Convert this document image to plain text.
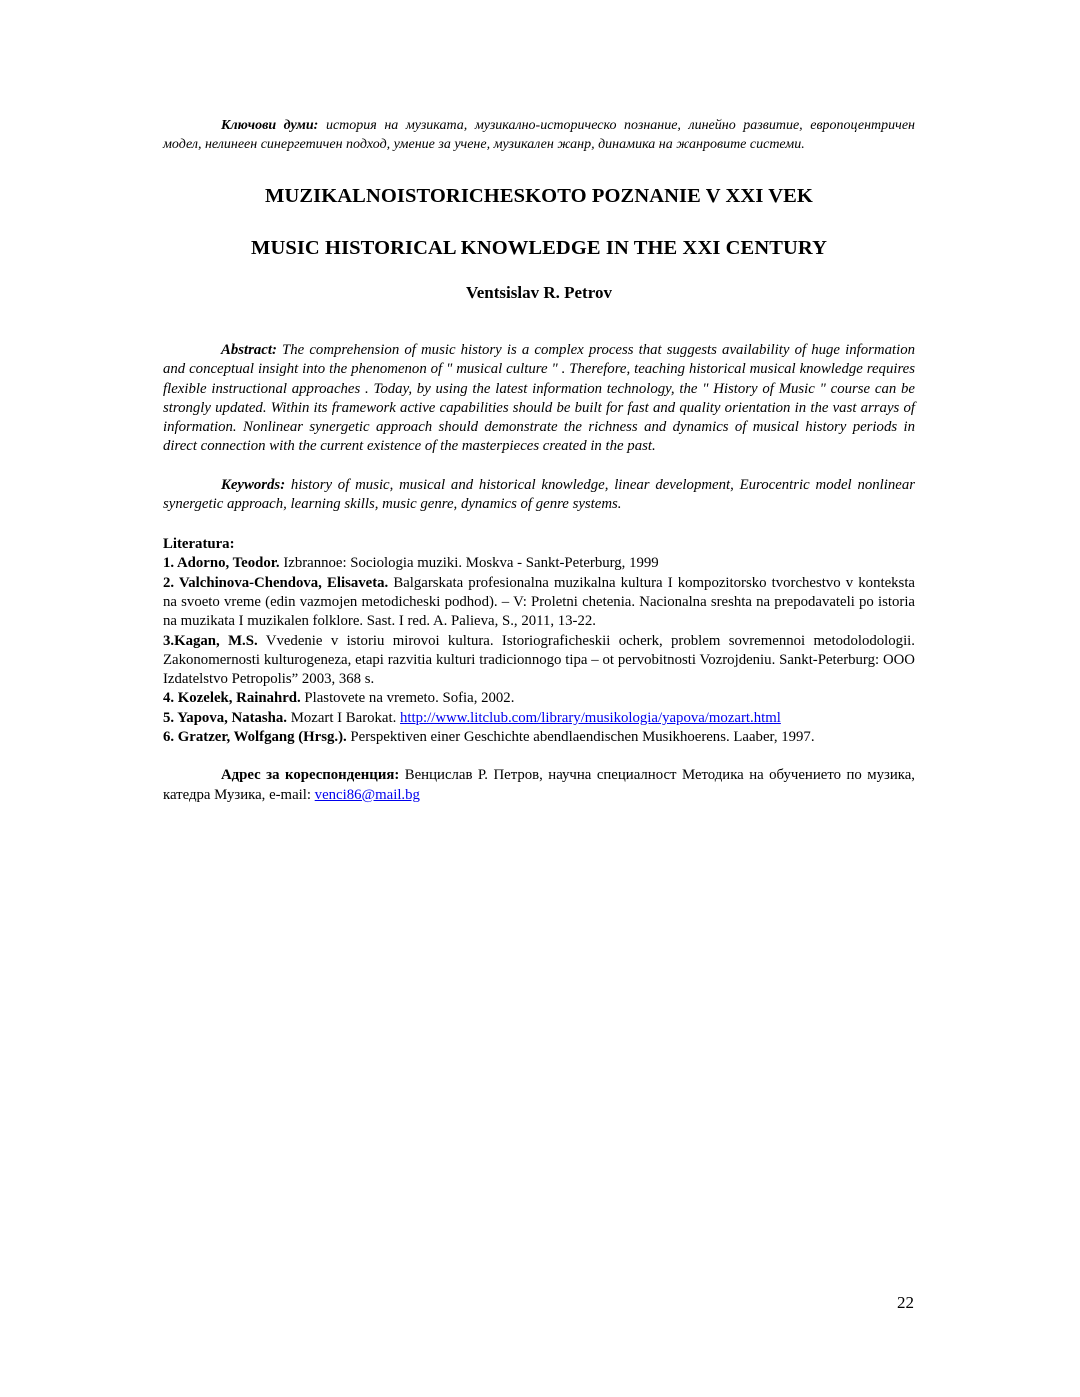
Ключови думи: история на музиката, музикално-историческо познание, линейно развитие, европоцентричен модел, нелинеен синергетичен подход, умение за учене, музикален жанр, динамика на жанровите системи.

MUZIKALNOISTORICHESKOTO POZNANIE V XXI VEK
MUSIC HISTORICAL KNOWLEDGE IN THE XXI CENTURY
Ventsislav R. Petrov

Abstract: The comprehension of music history is a complex process that suggests availability of huge information and conceptual insight into the phenomenon of " musical culture " . Therefore, teaching historical musical knowledge requires flexible instructional approaches . Today, by using the latest information technology, the " History of Music " course can be strongly updated. Within its framework active capabilities should be built for fast and quality orientation in the vast arrays of information. Nonlinear synergetic approach should demonstrate the richness and dynamics of musical history periods in direct connection with the current existence of the masterpieces created in the past.

Keywords: history of music, musical and historical knowledge, linear development, Eurocentric model nonlinear synergetic approach, learning skills, music genre, dynamics of genre systems.

Literatura:

1. Adorno, Teodor. Izbrannoe: Sociologia muziki. Moskva - Sankt-Peterburg, 1999

2. Valchinova-Chendova, Elisaveta. Balgarskata profesionalna muzikalna kultura I kompozitorsko tvorchestvo v konteksta na svoeto vreme (edin vazmojen metodicheski podhod). – V: Proletni chetenia. Nacionalna sreshta na prepodavateli po istoria na muzikata I muzikalen folklore. Sast. I red. A. Palieva, S., 2011, 13-22.

3.Kagan, M.S. Vvedenie v istoriu mirovoi kultura. Istoriograficheskii ocherk, problem sovremennoi metodolodologii. Zakonomernosti kulturogeneza, etapi razvitia kulturi tradicionnogo tipa – ot pervobitnosti Vozrojdeniu. Sankt-Peterburg: OOO Izdatelstvo Petropolis” 2003, 368 s.

4. Kozelek, Rainahrd. Plastovete na vremeto. Sofia, 2002.

5. Yapova, Natasha. Mozart I Barokat. http://www.litclub.com/library/musikologia/yapova/mozart.html

6. Gratzer, Wolfgang (Hrsg.). Perspektiven einer Geschichte abendlaendischen Musikhoerens. Laaber, 1997.

Адрес за кореспонденция: Венцислав Р. Петров, научна специалност Методика на обучението по музика, катедра Музика, e-mail: venci86@mail.bg

22
